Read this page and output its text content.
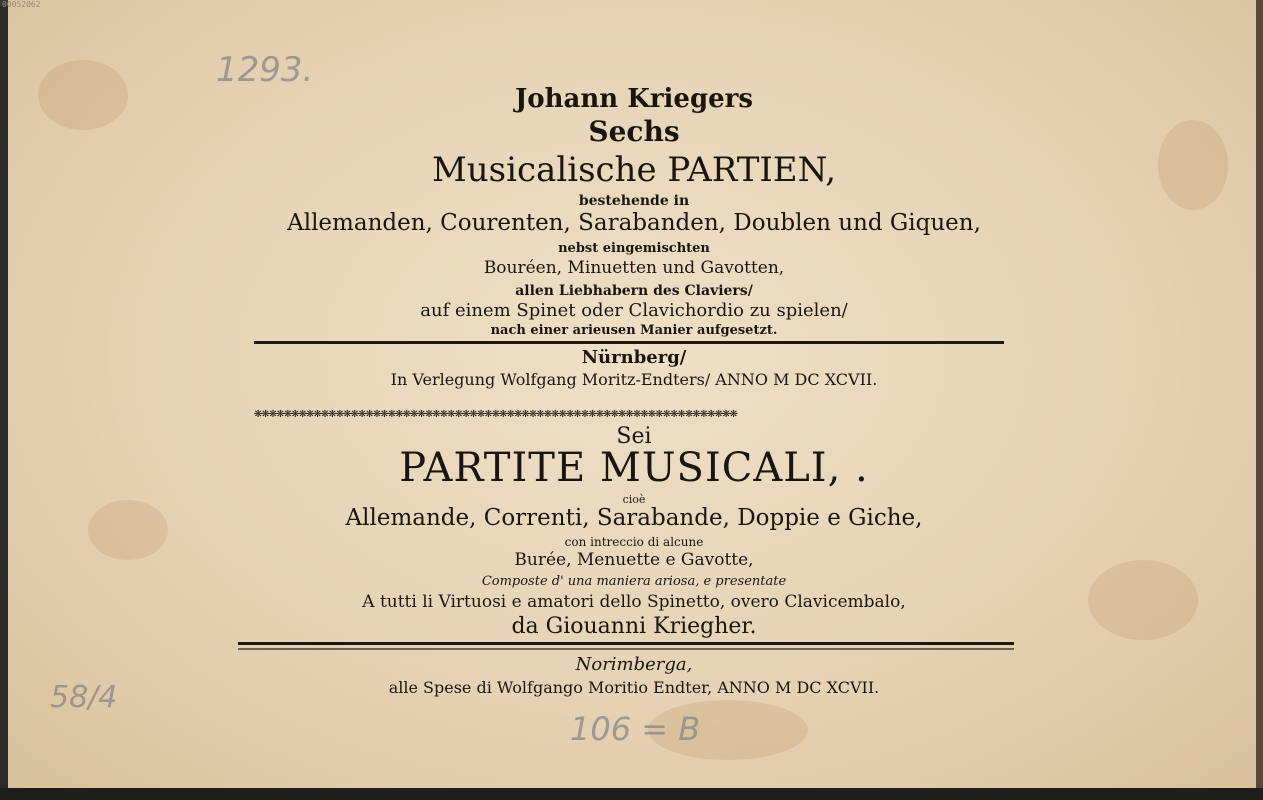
1293.
58/4
106 = B
Johann Kriegers
Sechs
Musicalische PARTIEN,
bestehende in
Allemanden, Courenten, Sarabanden, Doublen und Giquen,
nebst eingemischten
Bouréen, Minuetten und Gavotten,
allen Liebhabern des Claviers/
auf einem Spinet oder Clavichordio zu spielen/
nach einer arieusen Manier aufgesetzt.
Nürnberg/
In Verlegung Wolfgang Moritz-Endters/ ANNO M DC XCVII.
❋❋❋❋❋❋❋❋❋❋❋❋❋❋❋❋❋❋❋❋❋❋❋❋❋❋❋❋❋❋❋❋❋❋❋❋❋❋❋❋❋❋❋❋❋❋❋❋❋❋❋❋❋❋❋❋❋❋❋❋❋❋❋❋❋
Sei
PARTITE MUSICALI, .
cioè
Allemande, Correnti, Sarabande, Doppie e Giche,
con intreccio di alcune
Burée, Menuette e Gavotte,
Composte d' una maniera ariosa, e presentate
A tutti li Virtuosi e amatori dello Spinetto, overo Clavicembalo,
da Giouanni Kriegher.
Norimberga,
alle Spese di Wolfgango Moritio Endter, ANNO M DC XCVII.
00052062
